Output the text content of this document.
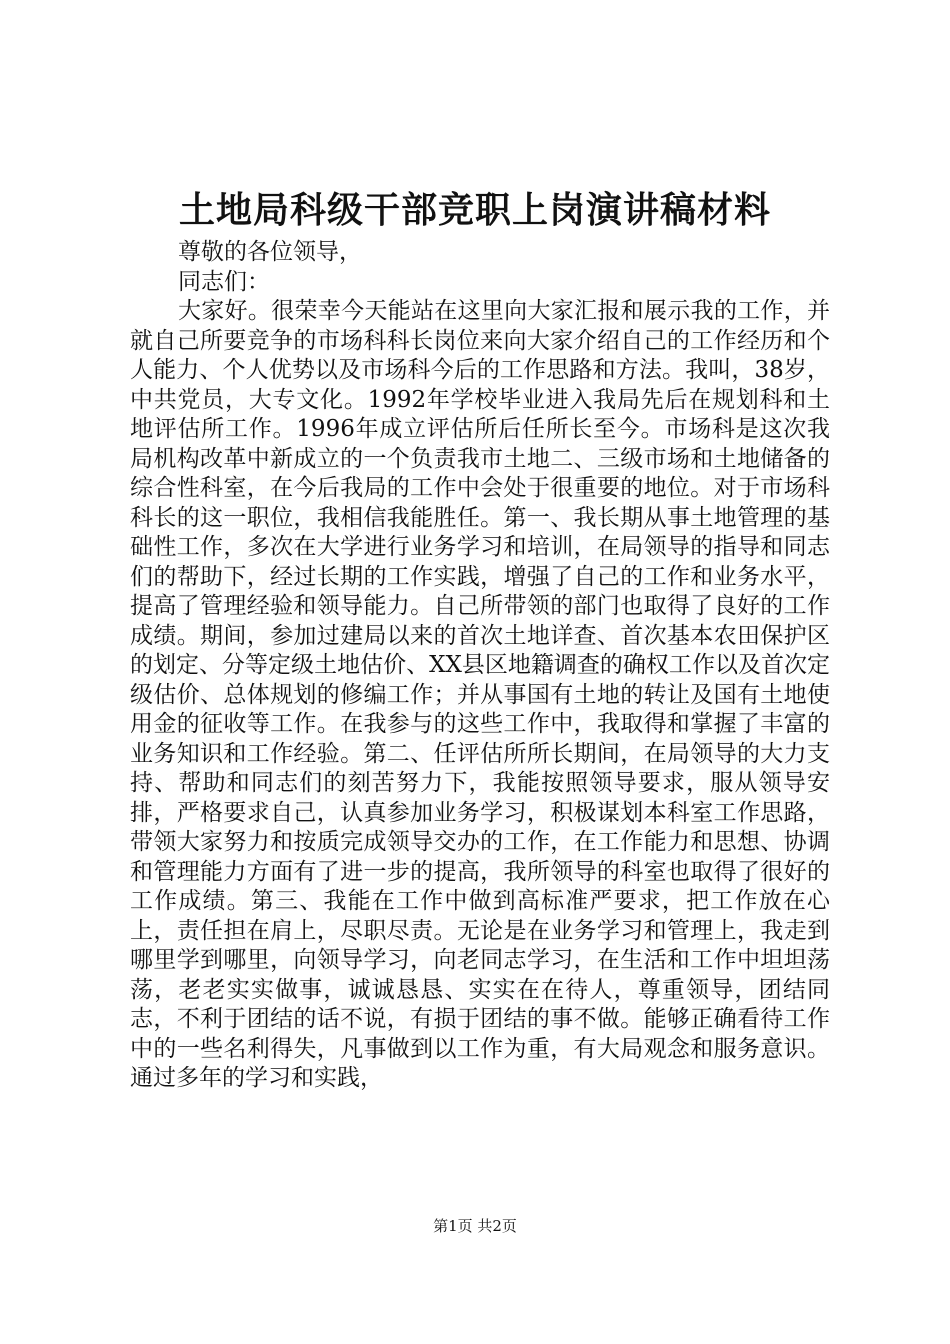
土地局科级干部竞职上岗演讲稿材料

尊敬的各位领导，

同志们：

大家好。很荣幸今天能站在这里向大家汇报和展示我的工作，并就自己所要竞争的市场科科长岗位来向大家介绍自己的工作经历和个人能力、个人优势以及市场科今后的工作思路和方法。我叫，38岁，中共党员，大专文化。1992年学校毕业进入我局先后在规划科和土地评估所工作。1996年成立评估所后任所长至今。市场科是这次我局机构改革中新成立的一个负责我市土地二、三级市场和土地储备的综合性科室，在今后我局的工作中会处于很重要的地位。对于市场科科长的这一职位，我相信我能胜任。第一、我长期从事土地管理的基础性工作，多次在大学进行业务学习和培训，在局领导的指导和同志们的帮助下，经过长期的工作实践，增强了自己的工作和业务水平，提高了管理经验和领导能力。自己所带领的部门也取得了良好的工作成绩。期间，参加过建局以来的首次土地详查、首次基本农田保护区的划定、分等定级土地估价、XX县区地籍调查的确权工作以及首次定级估价、总体规划的修编工作；并从事国有土地的转让及国有土地使用金的征收等工作。在我参与的这些工作中，我取得和掌握了丰富的业务知识和工作经验。第二、任评估所所长期间，在局领导的大力支持、帮助和同志们的刻苦努力下，我能按照领导要求，服从领导安排，严格要求自己，认真参加业务学习，积极谋划本科室工作思路，带领大家努力和按质完成领导交办的工作，在工作能力和思想、协调和管理能力方面有了进一步的提高，我所领导的科室也取得了很好的工作成绩。第三、我能在工作中做到高标准严要求，把工作放在心上，责任担在肩上，尽职尽责。无论是在业务学习和管理上，我走到哪里学到哪里，向领导学习，向老同志学习，在生活和工作中坦坦荡荡，老老实实做事，诚诚恳恳、实实在在待人，尊重领导，团结同志，不利于团结的话不说，有损于团结的事不做。能够正确看待工作中的一些名利得失，凡事做到以工作为重，有大局观念和服务意识。通过多年的学习和实践，

第1页 共2页
